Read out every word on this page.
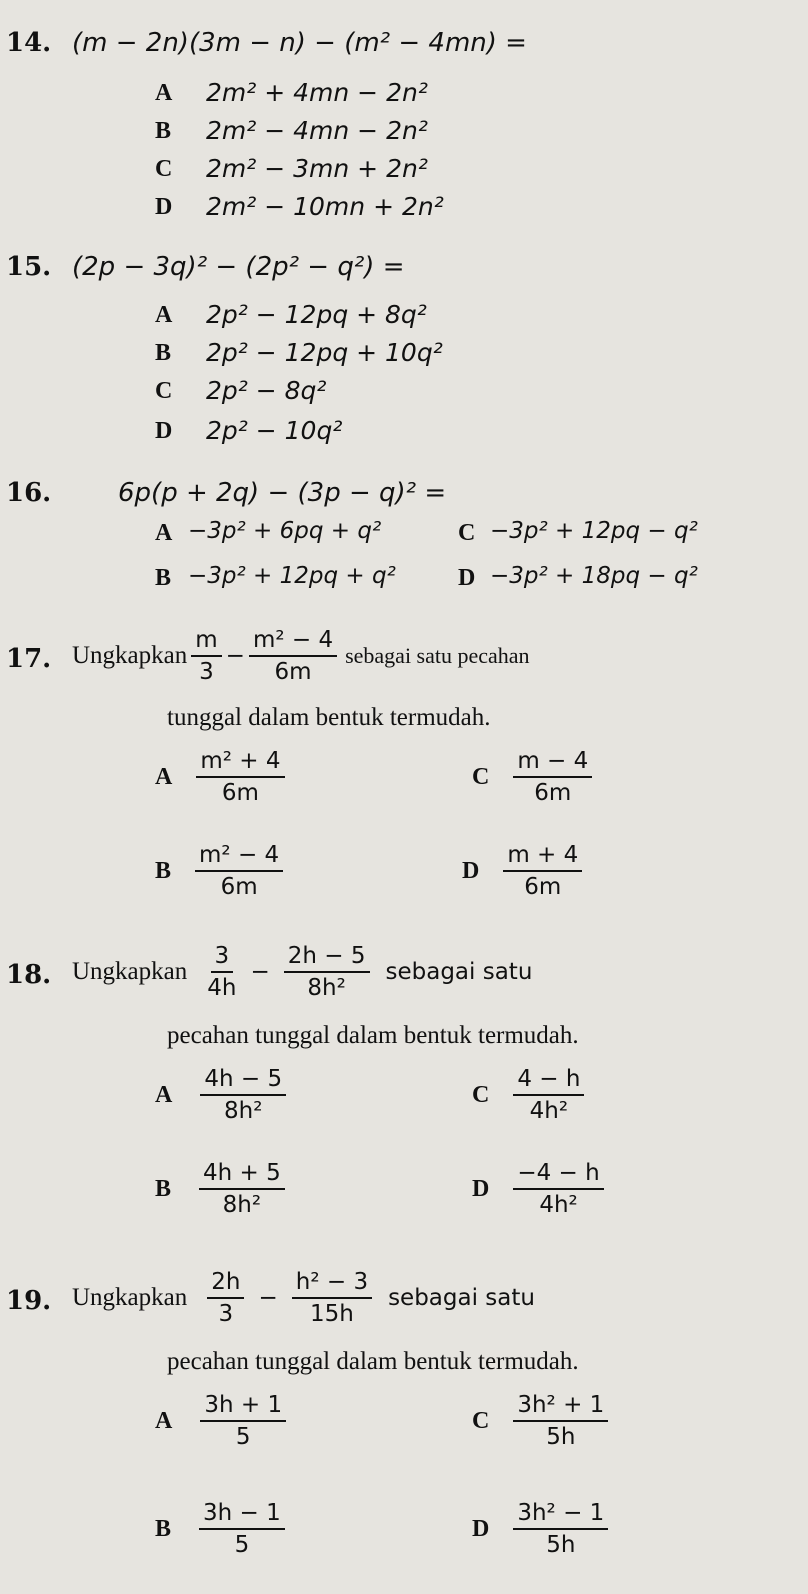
14. (m − 2n)(3m − n) − (m² − 4mn) =
A 2m² + 4mn − 2n²
B 2m² − 4mn − 2n²
C 2m² − 3mn + 2n²
D 2m² − 10mn + 2n²
15. (2p − 3q)² − (2p² − q²) =
A 2p² − 12pq + 8q²
B 2p² − 12pq + 10q²
C 2p² − 8q²
D 2p² − 10q²
16.	6p(p + 2q) − (3p − q)² =
A −3p² + 6pq + q²	C −3p² + 12pq − q²
B −3p² + 12pq + q²	D −3p² + 18pq − q²
17. Ungkapkan $\frac{m}{3} - \frac{\text{m² − 4}}{6m}$ sebagai satu pecahan
tunggal dalam bentuk termudah.
A $\frac{\text{m² + 4}}{6m}$	C $\frac{m - 4}{6m}$
B $\frac{\text{m² − 4}}{6m}$	D $\frac{m + 4}{6m}$
18. Ungkapkan $\frac{3}{4h} - \frac{2h - 5}{\text{8h²}}$ sebagai satu
pecahan tunggal dalam bentuk termudah.
A $\frac{4h - 5}{\text{8h²}}$	C $\frac{4 - h}{\text{4h²}}$
B $\frac{4h + 5}{\text{8h²}}$	D $\frac{-4 - h}{\text{4h²}}$
19. Ungkapkan $\frac{2h}{3} - \frac{\text{h² − 3}}{15h}$ sebagai satu
pecahan tunggal dalam bentuk termudah.
A $\frac{3h + 1}{5}$	C $\frac{\text{3h² + 1}}{5h}$
B $\frac{3h - 1}{5}$	D $\frac{\text{3h² − 1}}{5h}$
